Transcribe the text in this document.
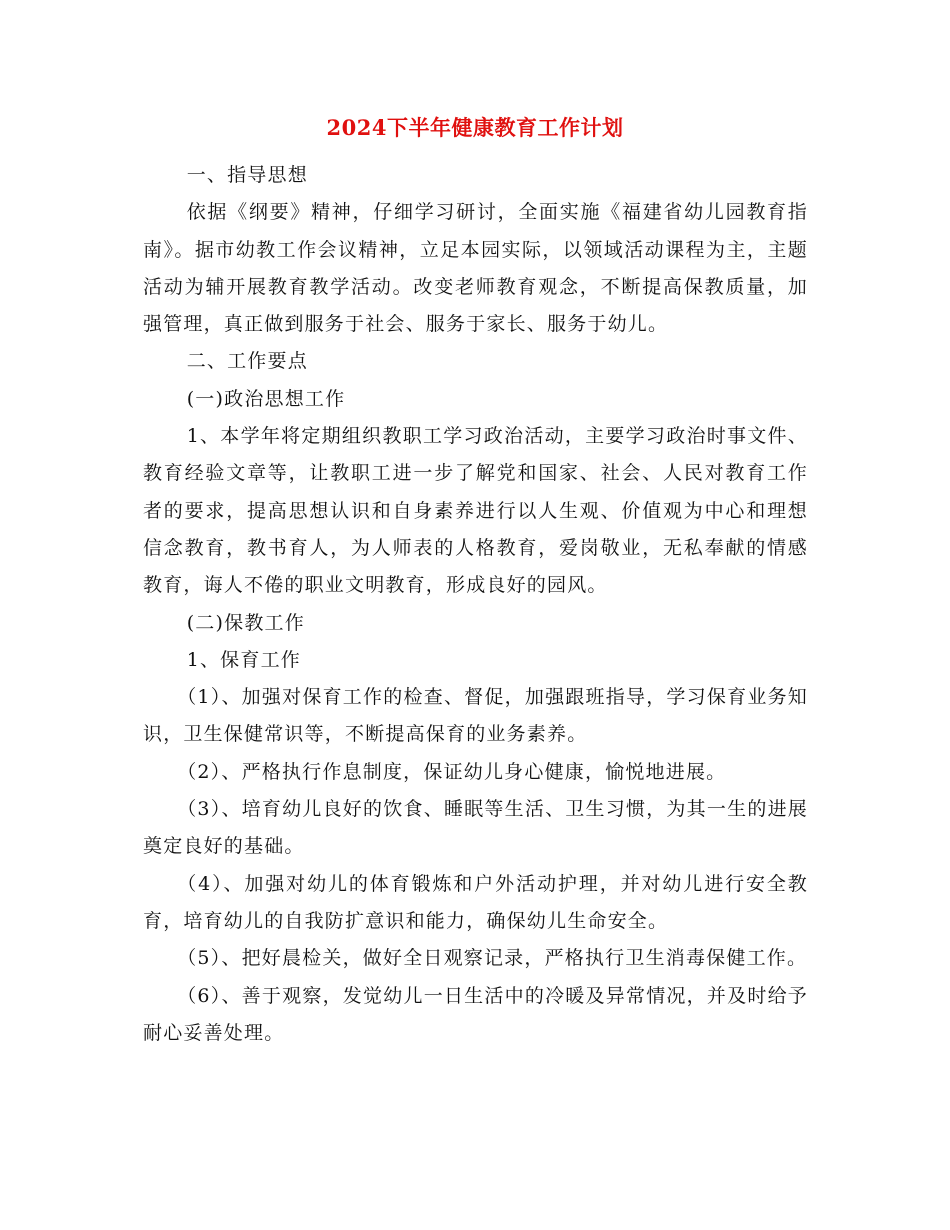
2024下半年健康教育工作计划

一、指导思想

依据《纲要》精神，仔细学习研讨，全面实施《福建省幼儿园教育指南》。据市幼教工作会议精神，立足本园实际，以领域活动课程为主，主题活动为辅开展教育教学活动。改变老师教育观念，不断提高保教质量，加强管理，真正做到服务于社会、服务于家长、服务于幼儿。

二、工作要点

(一)政治思想工作

1、本学年将定期组织教职工学习政治活动，主要学习政治时事文件、教育经验文章等，让教职工进一步了解党和国家、社会、人民对教育工作者的要求，提高思想认识和自身素养进行以人生观、价值观为中心和理想信念教育，教书育人，为人师表的人格教育，爱岗敬业，无私奉献的情感教育，诲人不倦的职业文明教育，形成良好的园风。

(二)保教工作

1、保育工作

（1）、加强对保育工作的检查、督促，加强跟班指导，学习保育业务知识，卫生保健常识等，不断提高保育的业务素养。

（2）、严格执行作息制度，保证幼儿身心健康，愉悦地进展。

（3）、培育幼儿良好的饮食、睡眠等生活、卫生习惯，为其一生的进展奠定良好的基础。

（4）、加强对幼儿的体育锻炼和户外活动护理，并对幼儿进行安全教育，培育幼儿的自我防扩意识和能力，确保幼儿生命安全。

（5）、把好晨检关，做好全日观察记录，严格执行卫生消毒保健工作。

（6）、善于观察，发觉幼儿一日生活中的冷暖及异常情况，并及时给予耐心妥善处理。
